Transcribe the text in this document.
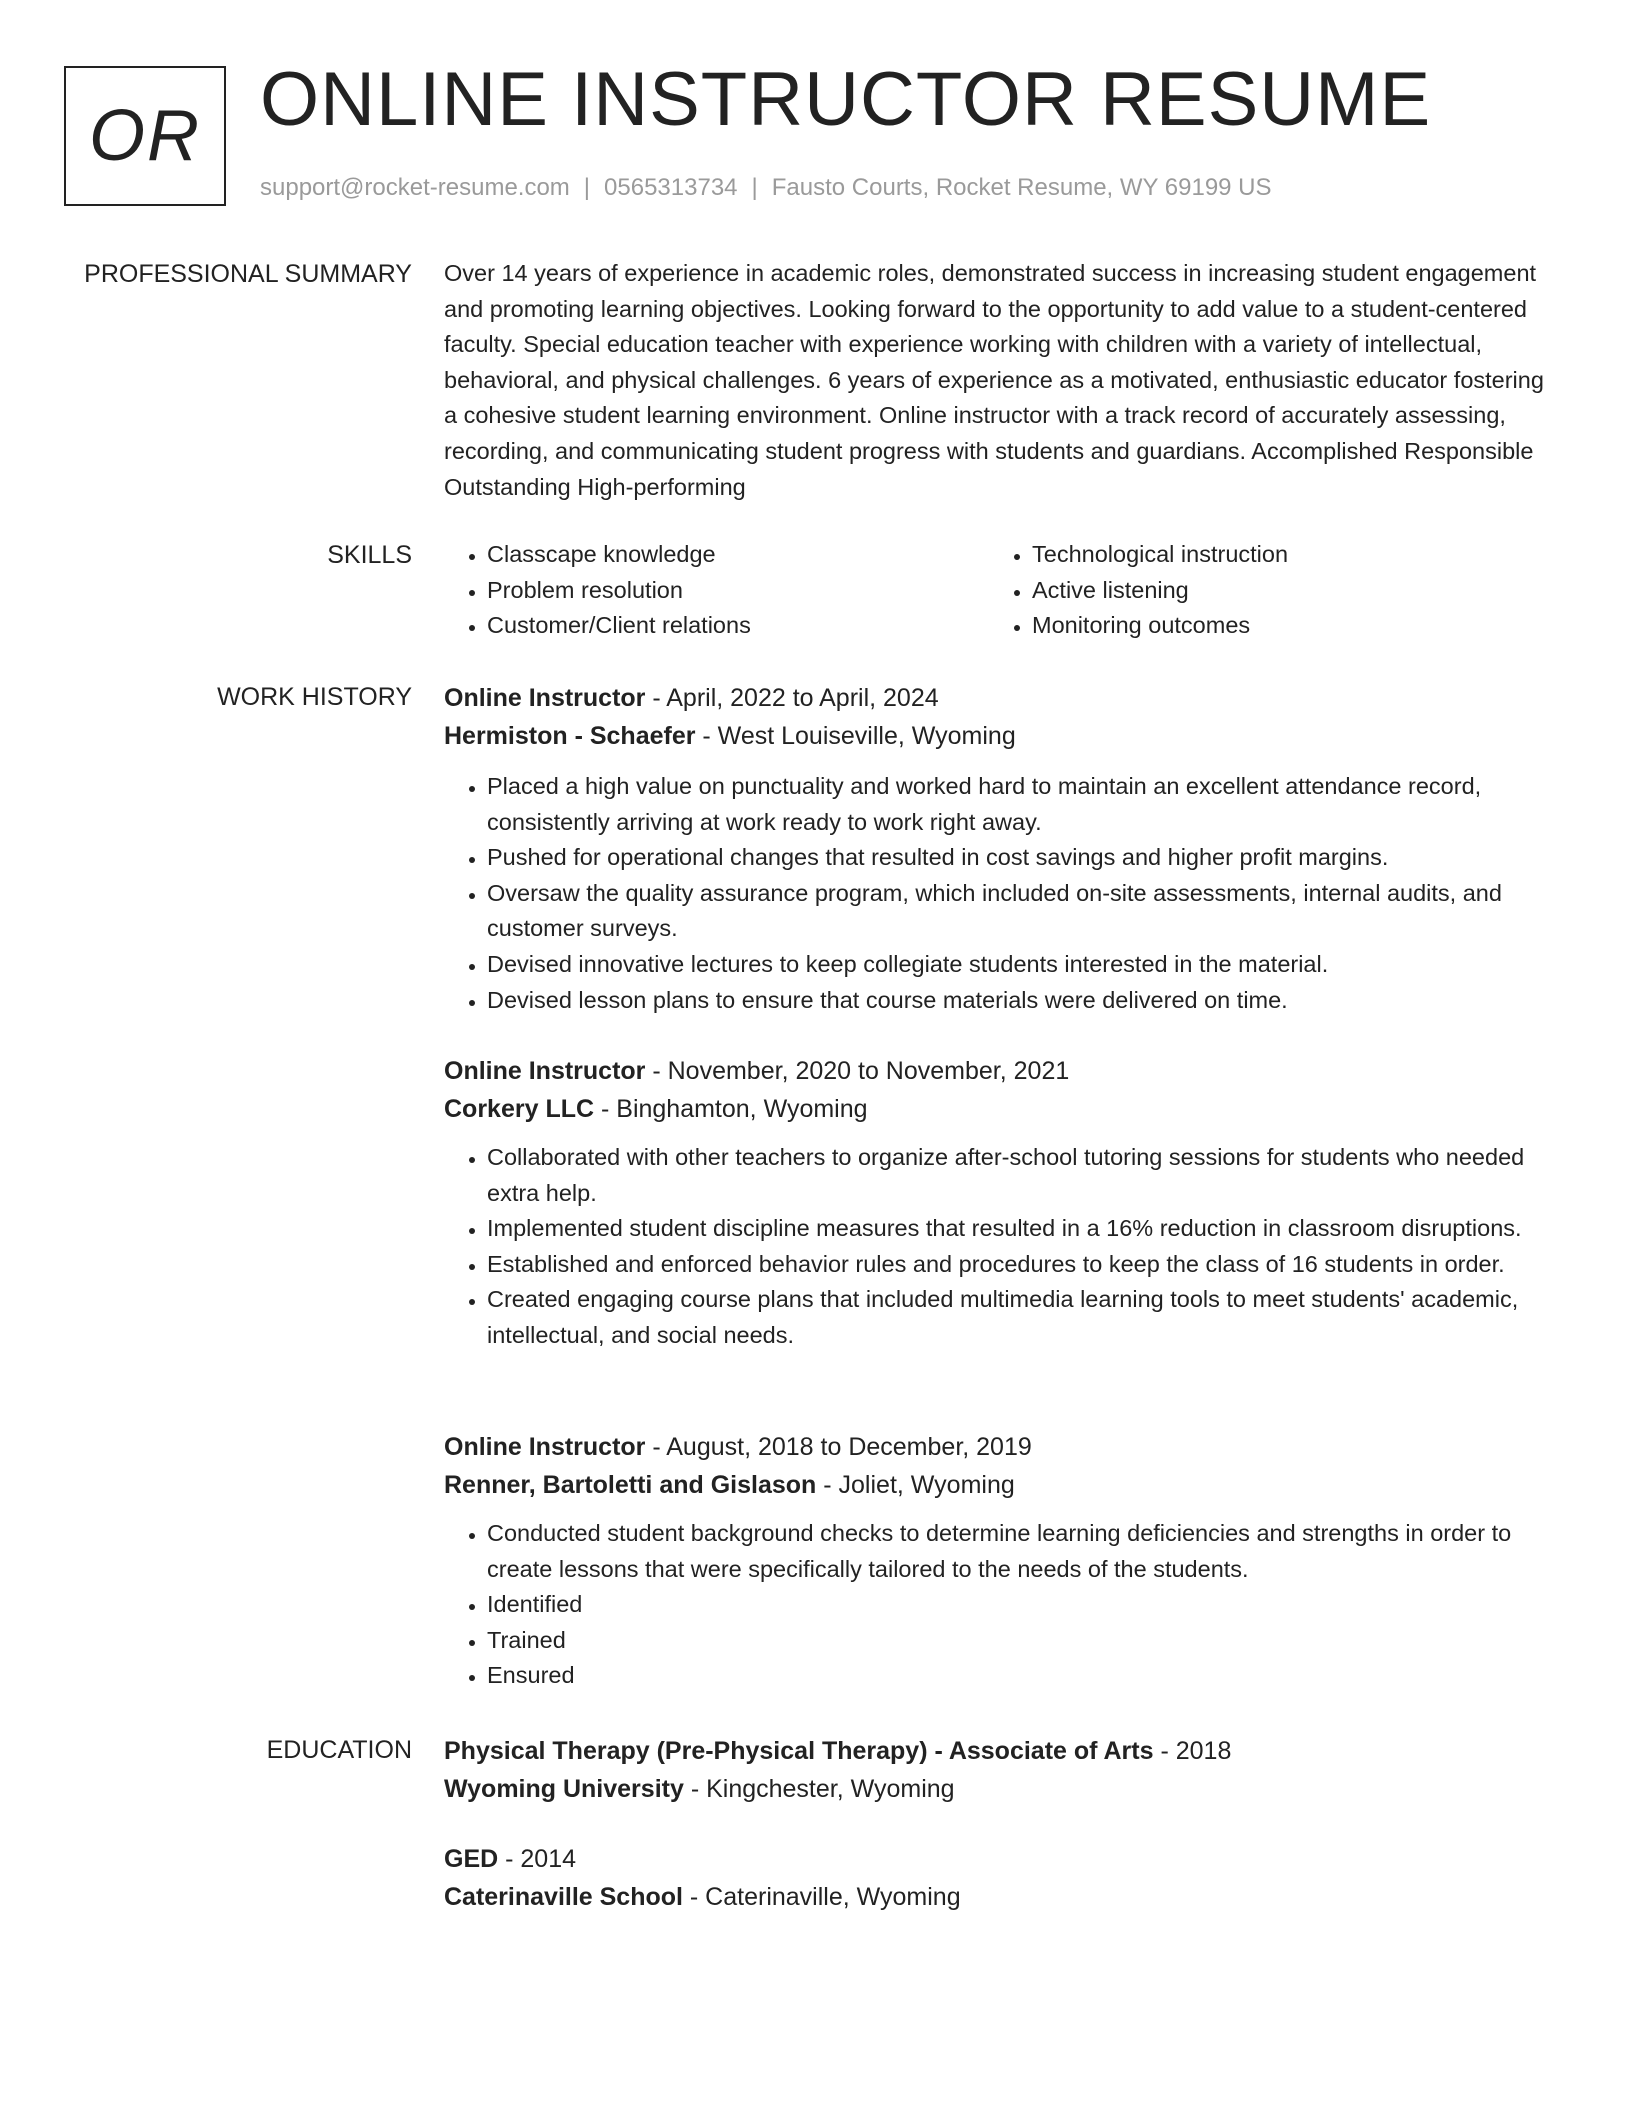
OR ONLINE INSTRUCTOR RESUME
support@rocket-resume.com | 0565313734 | Fausto Courts, Rocket Resume, WY 69199 US
PROFESSIONAL SUMMARY Over 14 years of experience in academic roles, demonstrated success in increasing student engagement and promoting learning objectives. Looking forward to the opportunity to add value to a student-centered faculty. Special education teacher with experience working with children with a variety of intellectual, behavioral, and physical challenges. 6 years of experience as a motivated, enthusiastic educator fostering a cohesive student learning environment. Online instructor with a track record of accurately assessing, recording, and communicating student progress with students and guardians. Accomplished Responsible Outstanding High-performing

SKILLS
•	Classcape knowledge
• Problem resolution
• Customer/Client relations
• Technological instruction
• Active listening
• Monitoring outcomes
WORK HISTORY Online Instructor - April, 2022 to April, 2024
Hermiston - Schaefer - West Louiseville, Wyoming
• Placed a high value on punctuality and worked hard to maintain an excellent attendance record, consistently arriving at work ready to work right away.
• Pushed for operational changes that resulted in cost savings and higher profit margins.
• Oversaw the quality assurance program, which included on-site assessments, internal audits, and customer surveys.
• Devised innovative lectures to keep collegiate students interested in the material.
• Devised lesson plans to ensure that course materials were delivered on time.
Online Instructor - November, 2020 to November, 2021
Corkery LLC - Binghamton, Wyoming
• Collaborated with other teachers to organize after-school tutoring sessions for students who needed extra help.
• Implemented student discipline measures that resulted in a 16% reduction in classroom disruptions.
• Established and enforced behavior rules and procedures to keep the class of 16 students in order.
• Created engaging course plans that included multimedia learning tools to meet students' academic, intellectual, and social needs.
Online Instructor - August, 2018 to December, 2019
Renner, Bartoletti and Gislason - Joliet, Wyoming
• Conducted student background checks to determine learning deficiencies and strengths in order to create lessons that were specifically tailored to the needs of the students.
• Identified
• Trained
• Ensured
EDUCATION Physical Therapy (Pre-Physical Therapy) - Associate of Arts - 2018
Wyoming University - Kingchester, Wyoming
GED - 2014
Caterinaville School - Caterinaville, Wyoming
